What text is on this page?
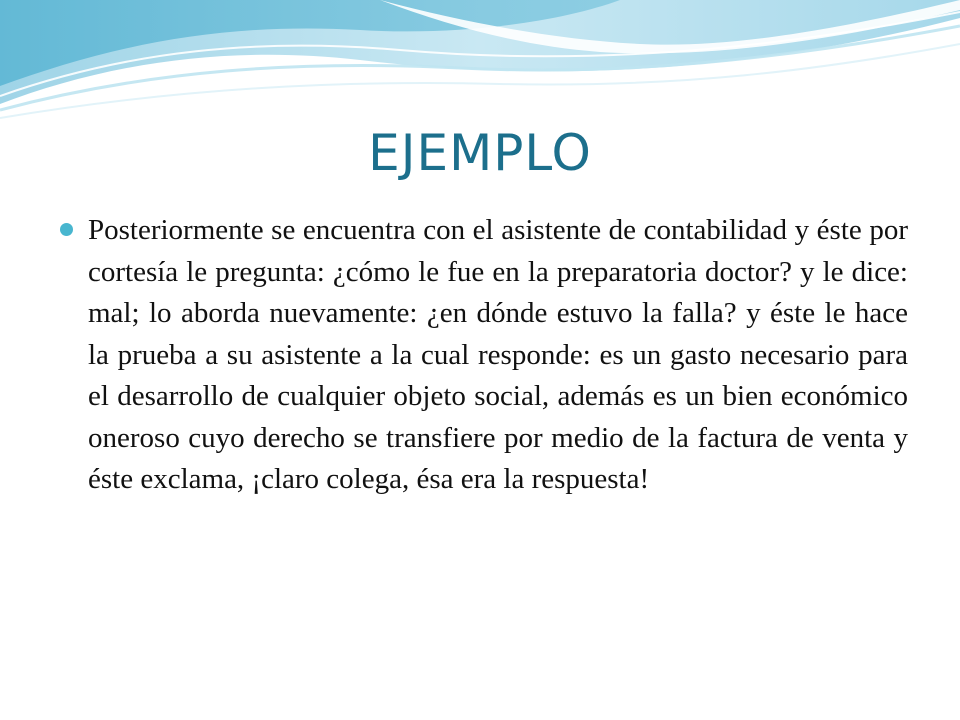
EJEMPLO

Posteriormente se encuentra con el asistente de contabilidad y éste por cortesía le pregunta: ¿cómo le fue en la preparatoria doctor? y le dice: mal; lo aborda nuevamente: ¿en dónde estuvo la falla? y éste le hace la prueba a su asistente a la cual responde: es un gasto necesario para el desarrollo de cualquier objeto social, además es un bien económico oneroso cuyo derecho se transfiere por medio de la factura de venta y éste exclama, ¡claro colega, ésa era la respuesta!
